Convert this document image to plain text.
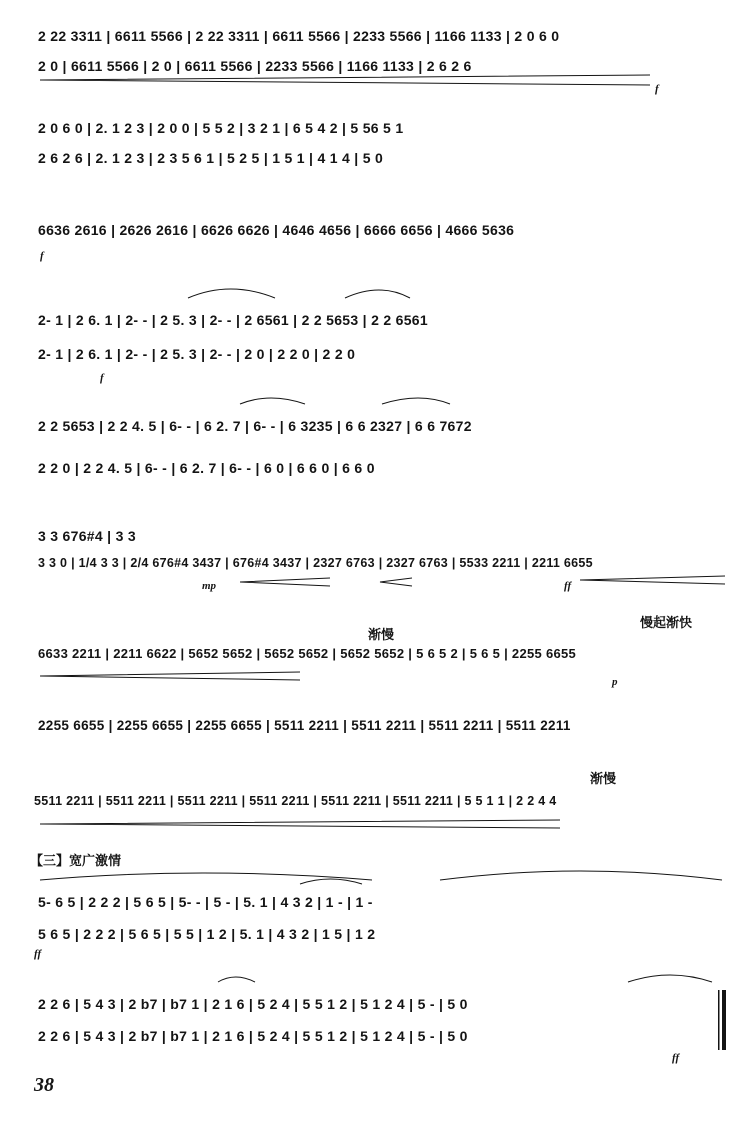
2 22 3311 | 6611 5566 | 2 22 3311 | 6611 5566 | 2233 5566 | 1166 1133 | 2 0 6 0
2 0 | 6611 5566 | 2 0 | 6611 5566 | 2233 5566 | 1166 1133 | 2 6 2 6
f
2 0 6 0 | 2. 1 2 3 | 2 0 0 | 5 5 2 | 3 2 1 | 6 5 4 2 | 5 56 5 1
2 6 2 6 | 2. 1 2 3 | 2 3 5 6 1 | 5 2 5 | 1 5 1 | 4 1 4 | 5 0
6636 2616 | 2626 2616 | 6626 6626 | 4646 4656 | 6666 6656 | 4666 5636
f
2- 1 | 2 6. 1 | 2- - | 2 5. 3 | 2- - | 2 6561 | 2 2 5653 | 2 2 6561
2- 1 | 2 6. 1 | 2- - | 2 5. 3 | 2- - | 2 0 | 2 2 0 | 2 2 0
f
2 2 5653 | 2 2 4. 5 | 6- - | 6 2. 7 | 6- - | 6 3235 | 6 6 2327 | 6 6 7672
2 2 0 | 2 2 4. 5 | 6- - | 6 2. 7 | 6- - | 6 0 | 6 6 0 | 6 6 0
3 3 676#4 | 3 3
3 3 0 | 1/4 3 3 | 2/4 676#4 3437 | 676#4 3437 | 2327 6763 | 2327 6763 | 5533 2211 | 2211 6655
mp	ff
渐慢
慢起渐快
6633 2211 | 2211 6622 | 5652 5652 | 5652 5652 | 5652 5652 | 5 6 5 2 | 5 6 5 | 2255 6655
p
2255 6655 | 2255 6655 | 2255 6655 | 5511 2211 | 5511 2211 | 5511 2211 | 5511 2211
渐慢
5511 2211 | 5511 2211 | 5511 2211 | 5511 2211 | 5511 2211 | 5511 2211 | 5 5 1 1 | 2 2 4 4
【三】宽广激情
5- 6 5 | 2 2 2 | 5 6 5 | 5- - | 5 - | 5. 1 | 4 3 2 | 1 - | 1 -
5 6 5 | 2 2 2 | 5 6 5 | 5 5 | 1 2 | 5. 1 | 4 3 2 | 1 5 | 1 2
ff
2 2 6 | 5 4 3 | 2 b7 | b7 1 | 2 1 6 | 5 2 4 | 5 5 1 2 | 5 1 2 4 | 5 - | 5 0
2 2 6 | 5 4 3 | 2 b7 | b7 1 | 2 1 6 | 5 2 4 | 5 5 1 2 | 5 1 2 4 | 5 - | 5 0
ff
38
